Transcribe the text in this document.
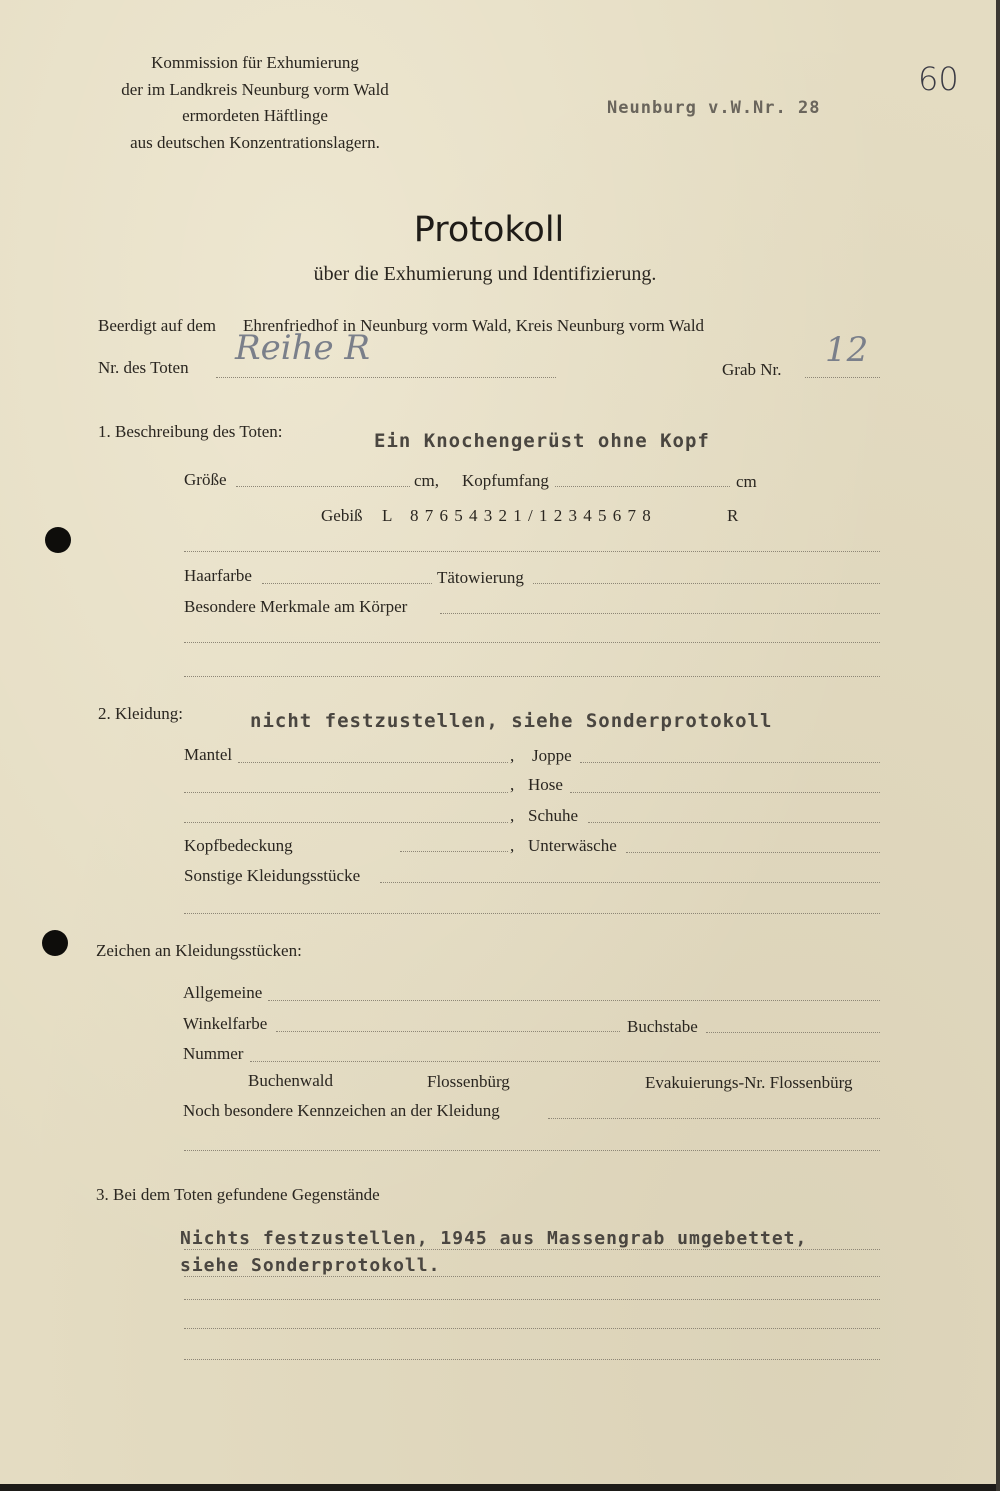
Kommission für Exhumierung
der im Landkreis Neunburg vorm Wald
ermordeten Häftlinge
aus deutschen Konzentrationslagern.
Neunburg v.W.Nr. 28
60
Protokoll
über die Exhumierung und Identifizierung.
Beerdigt auf dem Ehrenfriedhof in Neunburg vorm Wald, Kreis Neunburg vorm Wald
Nr. des Toten Reihe R
Grab Nr. 12
1. Beschreibung des Toten:	Ein Knochengerüst ohne Kopf
Größe	cm, Kopfumfang	cm
Gebiß L 8 7 6 5 4 3 2 1 / 1 2 3 4 5 6 7 8	R
Haarfarbe	Tätowierung
Besondere Merkmale am Körper
2. Kleidung:	nicht festzustellen, siehe Sonderprotokoll
Mantel	, Joppe
, Hose
, Schuhe
Kopfbedeckung	, Unterwäsche
Sonstige Kleidungsstücke
Zeichen an Kleidungsstücken:
Allgemeine
Winkelfarbe	Buchstabe
Nummer
Buchenwald	Flossenbürg	Evakuierungs-Nr. Flossenbürg
Noch besondere Kennzeichen an der Kleidung
3. Bei dem Toten gefundene Gegenstände
Nichts festzustellen, 1945 aus Massengrab umgebettet,
siehe Sonderprotokoll.
